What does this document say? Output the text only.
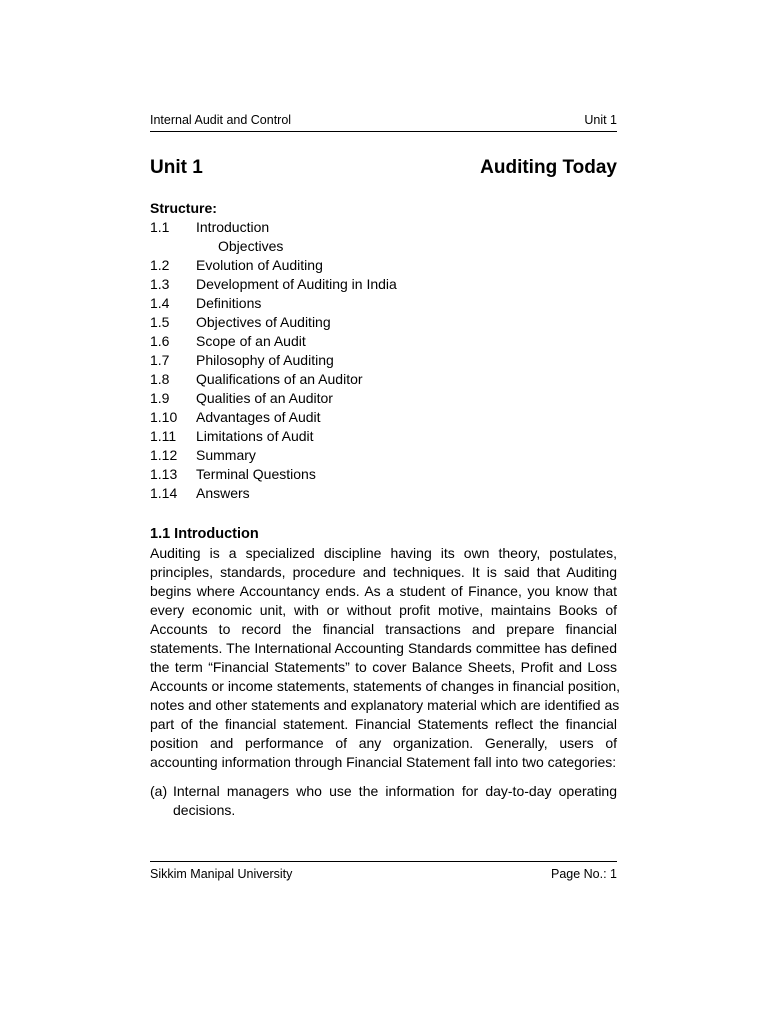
Internal Audit and Control	Unit 1
Unit 1	Auditing Today
Structure:
1.1 Introduction
Objectives
1.2 Evolution of Auditing
1.3 Development of Auditing in India
1.4 Definitions
1.5 Objectives of Auditing
1.6 Scope of an Audit
1.7 Philosophy of Auditing
1.8 Qualifications of an Auditor
1.9 Qualities of an Auditor
1.10 Advantages of Audit
1.11 Limitations of Audit
1.12 Summary
1.13 Terminal Questions
1.14 Answers
1.1 Introduction
Auditing is a specialized discipline having its own theory, postulates,
principles, standards, procedure and techniques. It is said that Auditing
begins where Accountancy ends. As a student of Finance, you know that
every economic unit, with or without profit motive, maintains Books of
Accounts to record the financial transactions and prepare financial
statements. The International Accounting Standards committee has defined
the term “Financial Statements” to cover Balance Sheets, Profit and Loss
Accounts or income statements, statements of changes in financial position,
notes and other statements and explanatory material which are identified as
part of the financial statement. Financial Statements reflect the financial
position and performance of any organization. Generally, users of
accounting information through Financial Statement fall into two categories:
(a) Internal managers who use the information for day-to-day operating
decisions.
Sikkim Manipal University	Page No.: 1
